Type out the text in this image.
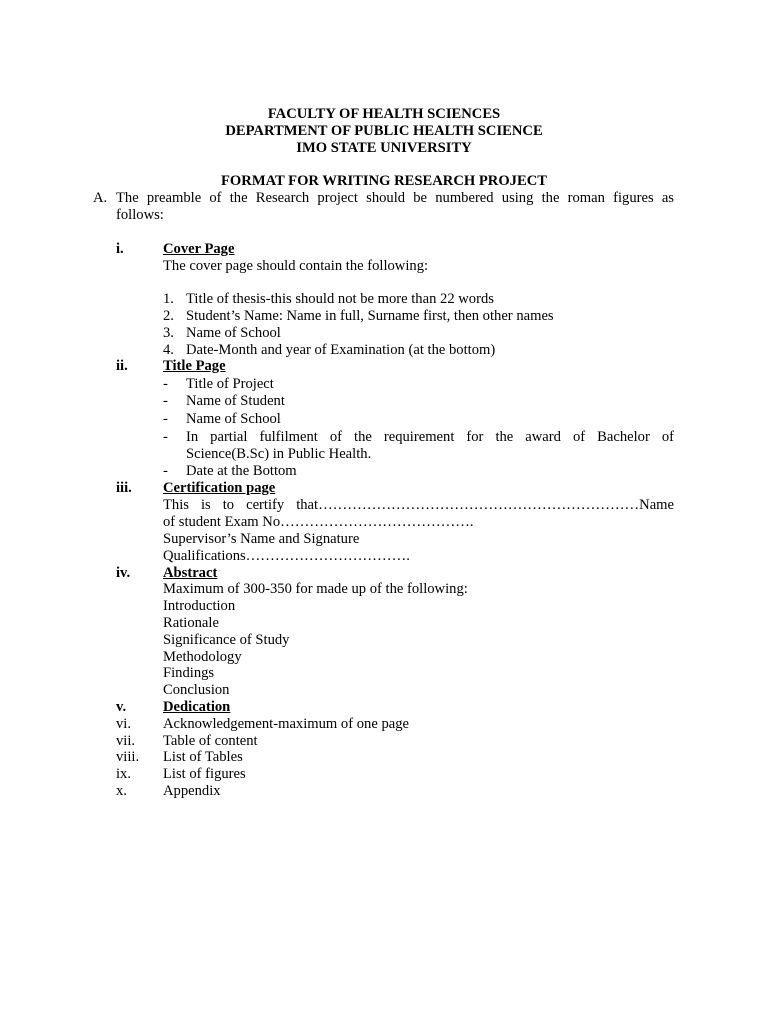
FACULTY OF HEALTH SCIENCES
DEPARTMENT OF PUBLIC HEALTH SCIENCE
IMO STATE UNIVERSITY
FORMAT FOR WRITING RESEARCH PROJECT
A. The preamble of the Research project should be numbered using the roman figures as
follows:
i.	Cover Page
The cover page should contain the following:
1. Title of thesis-this should not be more than 22 words
2. Student’s Name: Name in full, Surname first, then other names
3. Name of School
4. Date-Month and year of Examination (at the bottom)
ii. Title Page
- Title of Project
- Name of Student
- Name of School
- In partial fulfilment of the requirement for the award of Bachelor of
Science(B.Sc) in Public Health.
- Date at the Bottom
iii. Certification page
This is to certify that…………………………………………………………Name
of student Exam No………………………………….
Supervisor’s Name and Signature
Qualifications…………………………….
iv. Abstract
Maximum of 300-350 for made up of the following:
Introduction
Rationale
Significance of Study
Methodology
Findings
Conclusion
v.	Dedication
vi. Acknowledgement-maximum of one page
vii. Table of content
viii. List of Tables
ix. List of figures
x. Appendix
